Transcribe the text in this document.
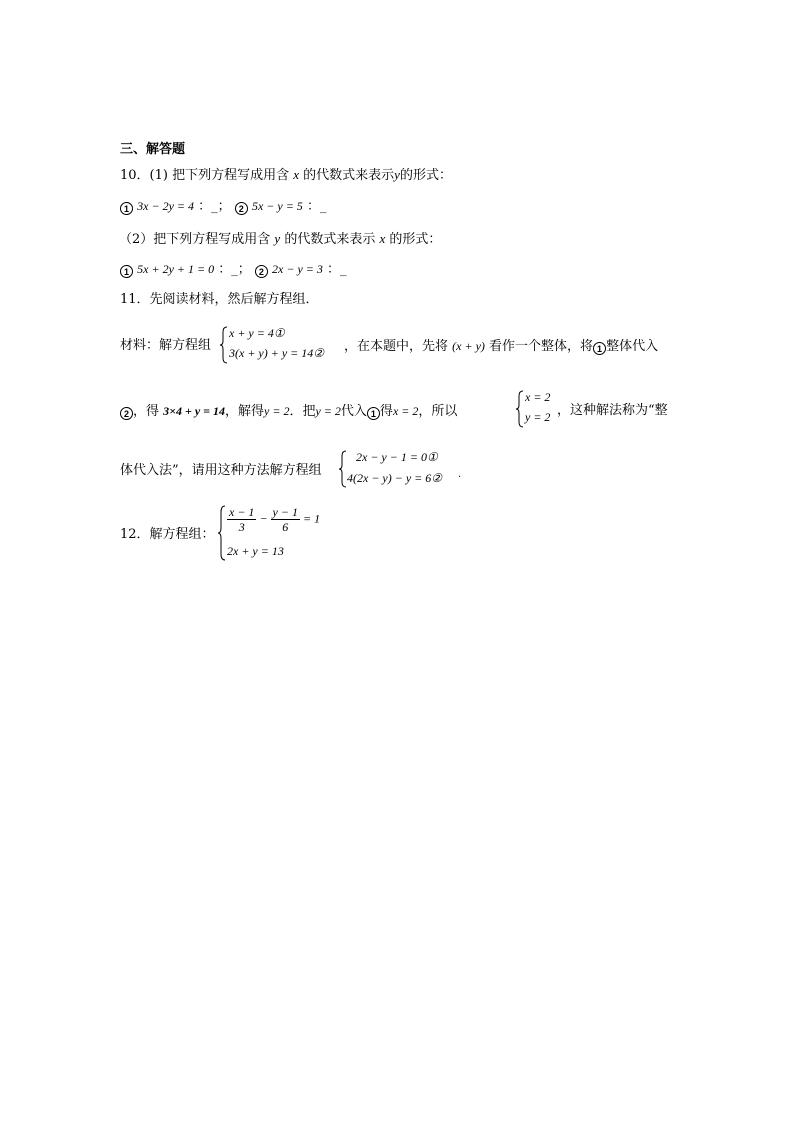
三、解答题
10．(1) 把下列方程写成用含 x 的代数式来表示y的形式：
1 3x − 2y = 4 ：_； 2 5x − y = 5 ：_
（2）把下列方程写成用含 y 的代数式来表示 x 的形式：
1 5x + 2y + 1 = 0 ：_； 2 2x − y = 3 ：_
11．先阅读材料，然后解方程组．
材料：解方程组
x + y = 4①
3(x + y) + y = 14② ，在本题中，先将 (x + y) 看作一个整体，将 1 整体代入
2 ，得 3×4 + y = 14，解得y = 2．把y = 2代入 1 得x = 2，所以
x = 2
y = 2 ，这种解法称为“整
体代入法”，请用这种方法解方程组
2x − y − 1 = 0①
4(2x − y) − y = 6② .
12．解方程组：
$\frac{x - 1}{3} - \frac{y - 1}{6} = 1$
2x + y = 13
